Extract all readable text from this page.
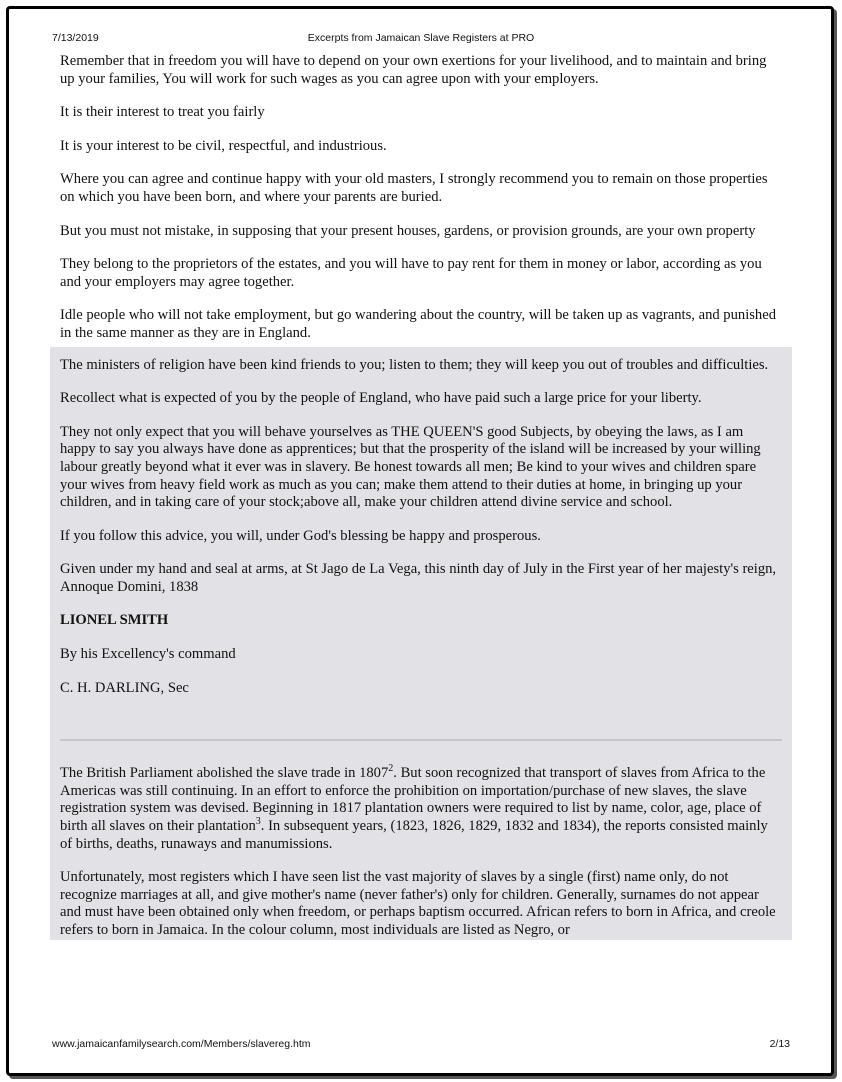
7/13/2019	Excerpts from Jamaican Slave Registers at PRO

Remember that in freedom you will have to depend on your own exertions for your livelihood, and to maintain and bring up your families, You will work for such wages as you can agree upon with your employers.

It is their interest to treat you fairly

It is your interest to be civil, respectful, and industrious.

Where you can agree and continue happy with your old masters, I strongly recommend you to remain on those properties on which you have been born, and where your parents are buried.

But you must not mistake, in supposing that your present houses, gardens, or provision grounds, are your own property

They belong to the proprietors of the estates, and you will have to pay rent for them in money or labor, according as you and your employers may agree together.

Idle people who will not take employment, but go wandering about the country, will be taken up as vagrants, and punished in the same manner as they are in England.

The ministers of religion have been kind friends to you; listen to them; they will keep you out of troubles and difficulties.

Recollect what is expected of you by the people of England, who have paid such a large price for your liberty.

They not only expect that you will behave yourselves as THE QUEEN'S good Subjects, by obeying the laws, as I am happy to say you always have done as apprentices; but that the prosperity of the island will be increased by your willing labour greatly beyond what it ever was in slavery. Be honest towards all men; Be kind to your wives and children spare your wives from heavy field work as much as you can; make them attend to their duties at home, in bringing up your children, and in taking care of your stock;above all, make your children attend divine service and school.

If you follow this advice, you will, under God's blessing be happy and prosperous.

Given under my hand and seal at arms, at St Jago de La Vega, this ninth day of July in the First year of her majesty's reign, Annoque Domini, 1838

LIONEL SMITH

By his Excellency's command

C. H. DARLING, Sec

The British Parliament abolished the slave trade in 1807$^2$. But soon recognized that transport of slaves from Africa to the Americas was still continuing. In an effort to enforce the prohibition on importation/purchase of new slaves, the slave registration system was devised. Beginning in 1817 plantation owners were required to list by name, color, age, place of birth all slaves on their plantation$^3$. In subsequent years, (1823, 1826, 1829, 1832 and 1834), the reports consisted mainly of births, deaths, runaways and manumissions.

Unfortunately, most registers which I have seen list the vast majority of slaves by a single (first) name only, do not recognize marriages at all, and give mother's name (never father's) only for children. Generally, surnames do not appear and must have been obtained only when freedom, or perhaps baptism occurred. African refers to born in Africa, and creole refers to born in Jamaica. In the colour column, most individuals are listed as Negro, or

www.jamaicanfamilysearch.com/Members/slavereg.htm	2/13
